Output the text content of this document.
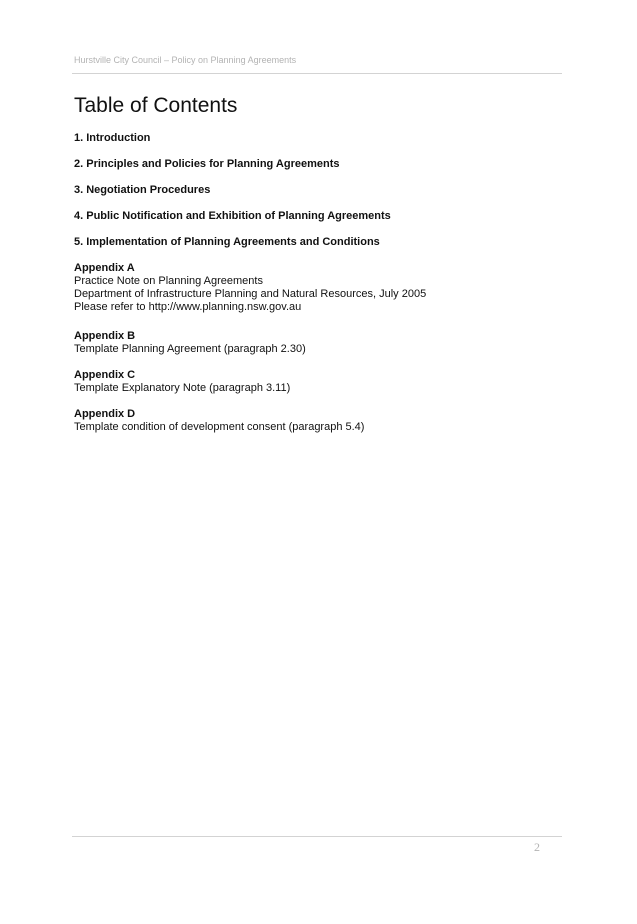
Hurstville City Council – Policy on Planning Agreements
Table of Contents
1. Introduction
2. Principles and Policies for Planning Agreements
3. Negotiation Procedures
4. Public Notification and Exhibition of Planning Agreements
5. Implementation of Planning Agreements and Conditions
Appendix A
Practice Note on Planning Agreements
Department of Infrastructure Planning and Natural Resources, July 2005
Please refer to http://www.planning.nsw.gov.au
Appendix B
Template Planning Agreement (paragraph 2.30)
Appendix C
Template Explanatory Note (paragraph 3.11)
Appendix D
Template condition of development consent (paragraph 5.4)
2
